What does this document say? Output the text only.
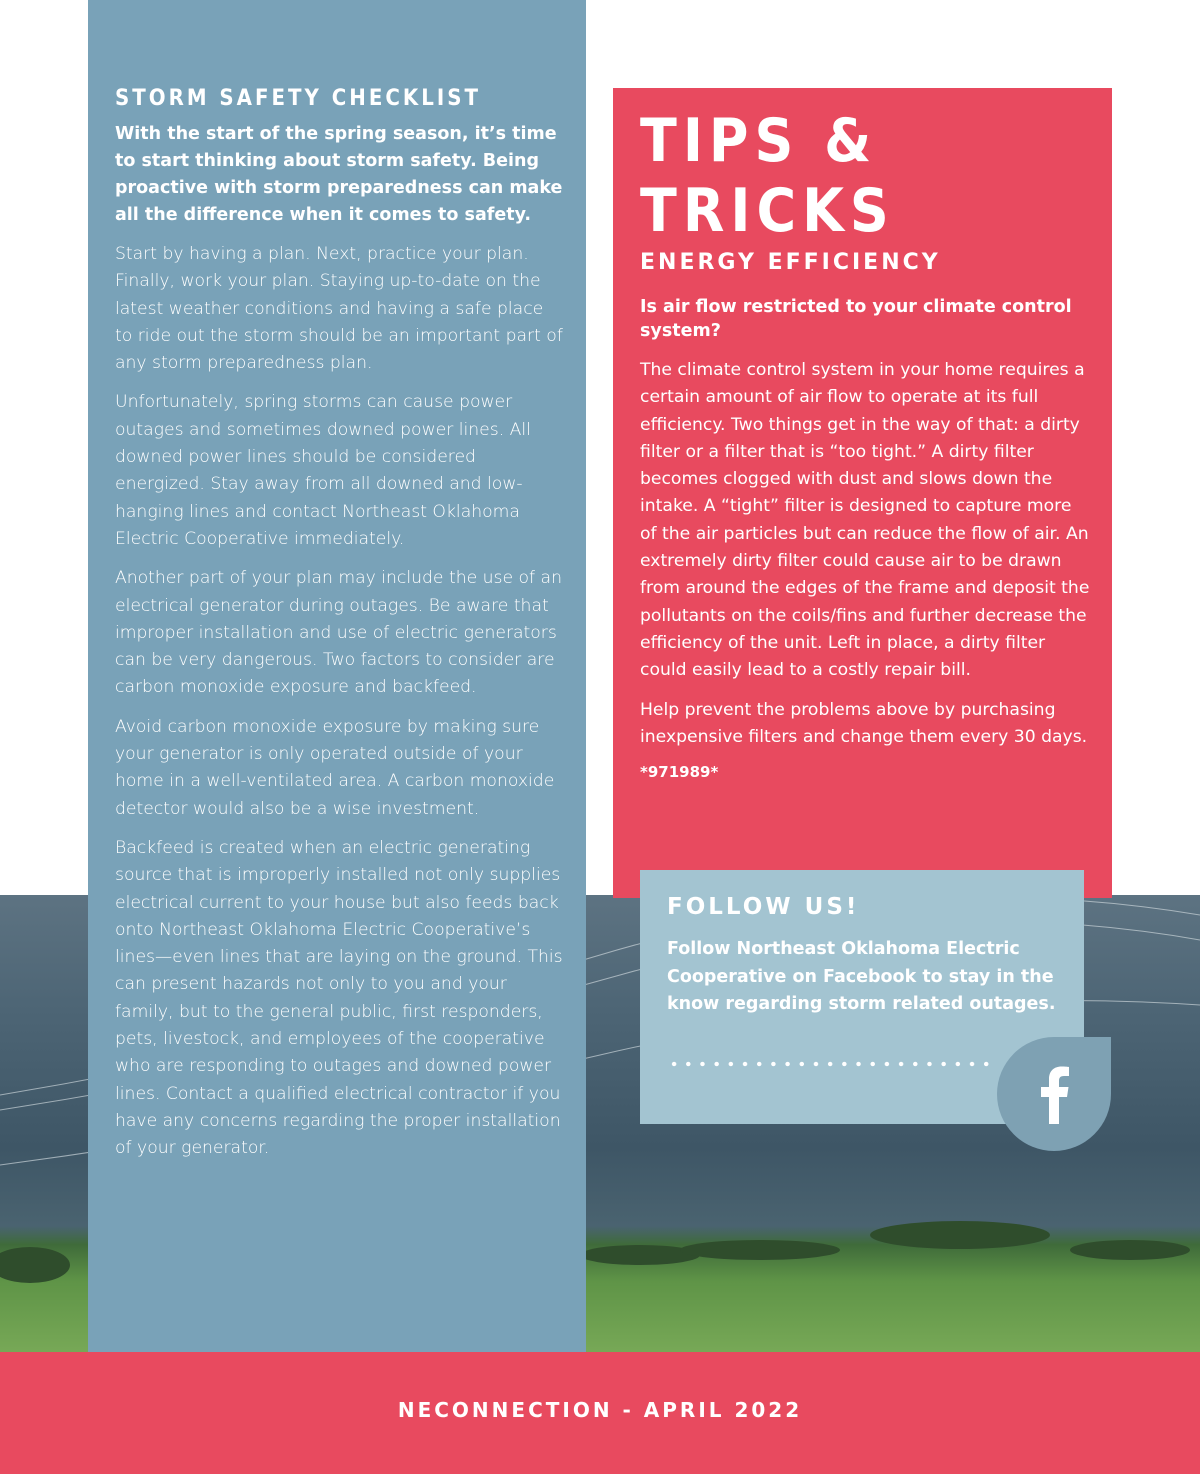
STORM SAFETY CHECKLIST

With the start of the spring season, it’s time to start thinking about storm safety. Being proactive with storm preparedness can make all the difference when it comes to safety.

Start by having a plan. Next, practice your plan. Finally, work your plan. Staying up-to-date on the latest weather conditions and having a safe place to ride out the storm should be an important part of any storm preparedness plan.

Unfortunately, spring storms can cause power outages and sometimes downed power lines. All downed power lines should be considered energized. Stay away from all downed and low-hanging lines and contact Northeast Oklahoma Electric Cooperative immediately.

Another part of your plan may include the use of an electrical generator during outages. Be aware that improper installation and use of electric generators can be very dangerous. Two factors to consider are carbon monoxide exposure and backfeed.

Avoid carbon monoxide exposure by making sure your generator is only operated outside of your home in a well-ventilated area. A carbon monoxide detector would also be a wise investment.

Backfeed is created when an electric generating source that is improperly installed not only supplies electrical current to your house but also feeds back onto Northeast Oklahoma Electric Cooperative’s lines—even lines that are laying on the ground. This can present hazards not only to you and your family, but to the general public, first responders, pets, livestock, and employees of the cooperative who are responding to outages and downed power lines. Contact a qualified electrical contractor if you have any concerns regarding the proper installation of your generator.

TIPS & TRICKS
ENERGY EFFICIENCY

Is air flow restricted to your climate control system?

The climate control system in your home requires a certain amount of air flow to operate at its full efficiency. Two things get in the way of that: a dirty filter or a filter that is “too tight.” A dirty filter becomes clogged with dust and slows down the intake. A “tight” filter is designed to capture more of the air particles but can reduce the flow of air. An extremely dirty filter could cause air to be drawn from around the edges of the frame and deposit the pollutants on the coils/fins and further decrease the efficiency of the unit. Left in place, a dirty filter could easily lead to a costly repair bill.

Help prevent the problems above by purchasing inexpensive filters and change them every 30 days.

*971989*

FOLLOW US!

Follow Northeast Oklahoma Electric Cooperative on Facebook to stay in the know regarding storm related outages.

NECONNECTION - APRIL 2022
